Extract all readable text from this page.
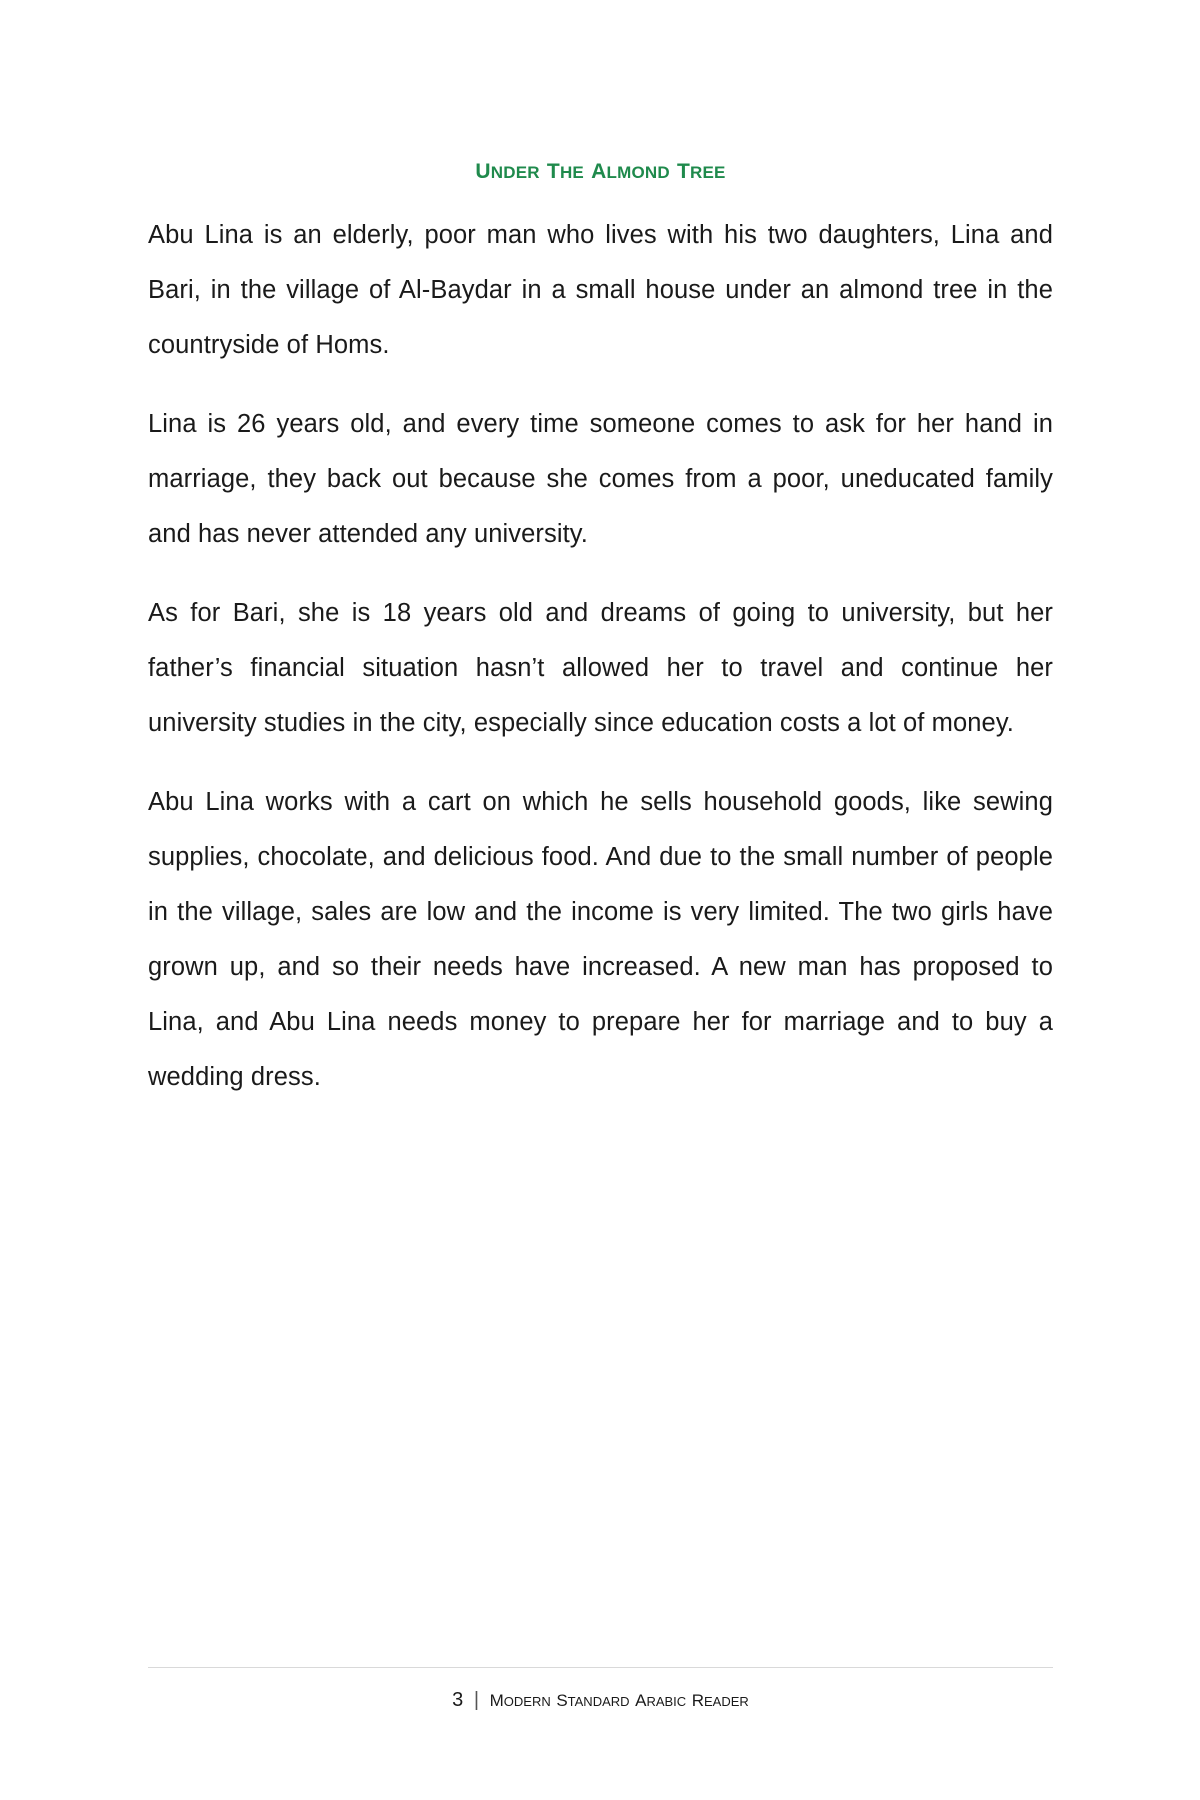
under the almond tree

Abu Lina is an elderly, poor man who lives with his two daughters, Lina and Bari, in the village of Al-Baydar in a small house under an almond tree in the countryside of Homs.

Lina is 26 years old, and every time someone comes to ask for her hand in marriage, they back out because she comes from a poor, uneducated family and has never attended any university.

As for Bari, she is 18 years old and dreams of going to university, but her father’s financial situation hasn’t allowed her to travel and continue her university studies in the city, especially since education costs a lot of money.

Abu Lina works with a cart on which he sells household goods, like sewing supplies, chocolate, and delicious food. And due to the small number of people in the village, sales are low and the income is very limited. The two girls have grown up, and so their needs have increased. A new man has proposed to Lina, and Abu Lina needs money to prepare her for marriage and to buy a wedding dress.

3 | modern standard arabic reader
